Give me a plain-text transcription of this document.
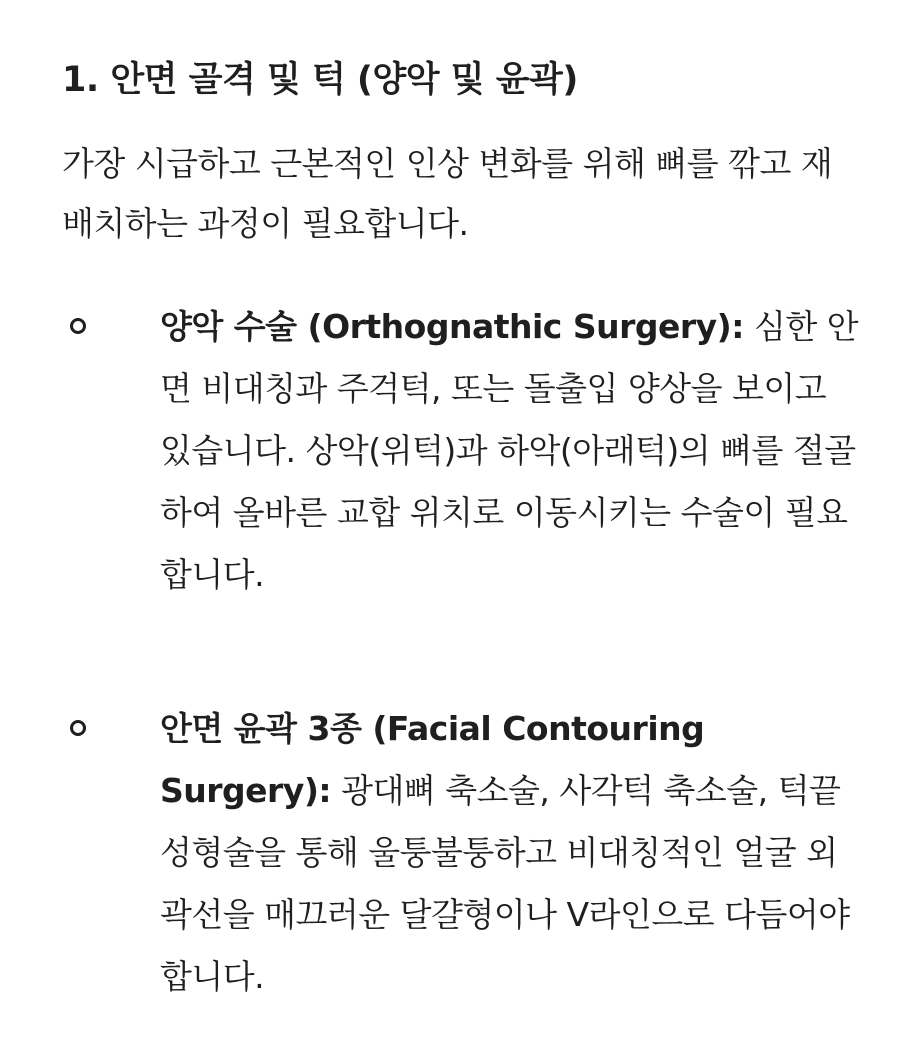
1. 안면 골격 및 턱 (양악 및 윤곽)

가장 시급하고 근본적인 인상 변화를 위해 뼈를 깎고 재배치하는 과정이 필요합니다.

양악 수술 (Orthognathic Surgery): 심한 안면 비대칭과 주걱턱, 또는 돌출입 양상을 보이고 있습니다. 상악(위턱)과 하악(아래턱)의 뼈를 절골하여 올바른 교합 위치로 이동시키는 수술이 필요합니다.

안면 윤곽 3종 (Facial Contouring Surgery): 광대뼈 축소술, 사각턱 축소술, 턱끝 성형술을 통해 울퉁불퉁하고 비대칭적인 얼굴 외곽선을 매끄러운 달걀형이나 V라인으로 다듬어야 합니다.
